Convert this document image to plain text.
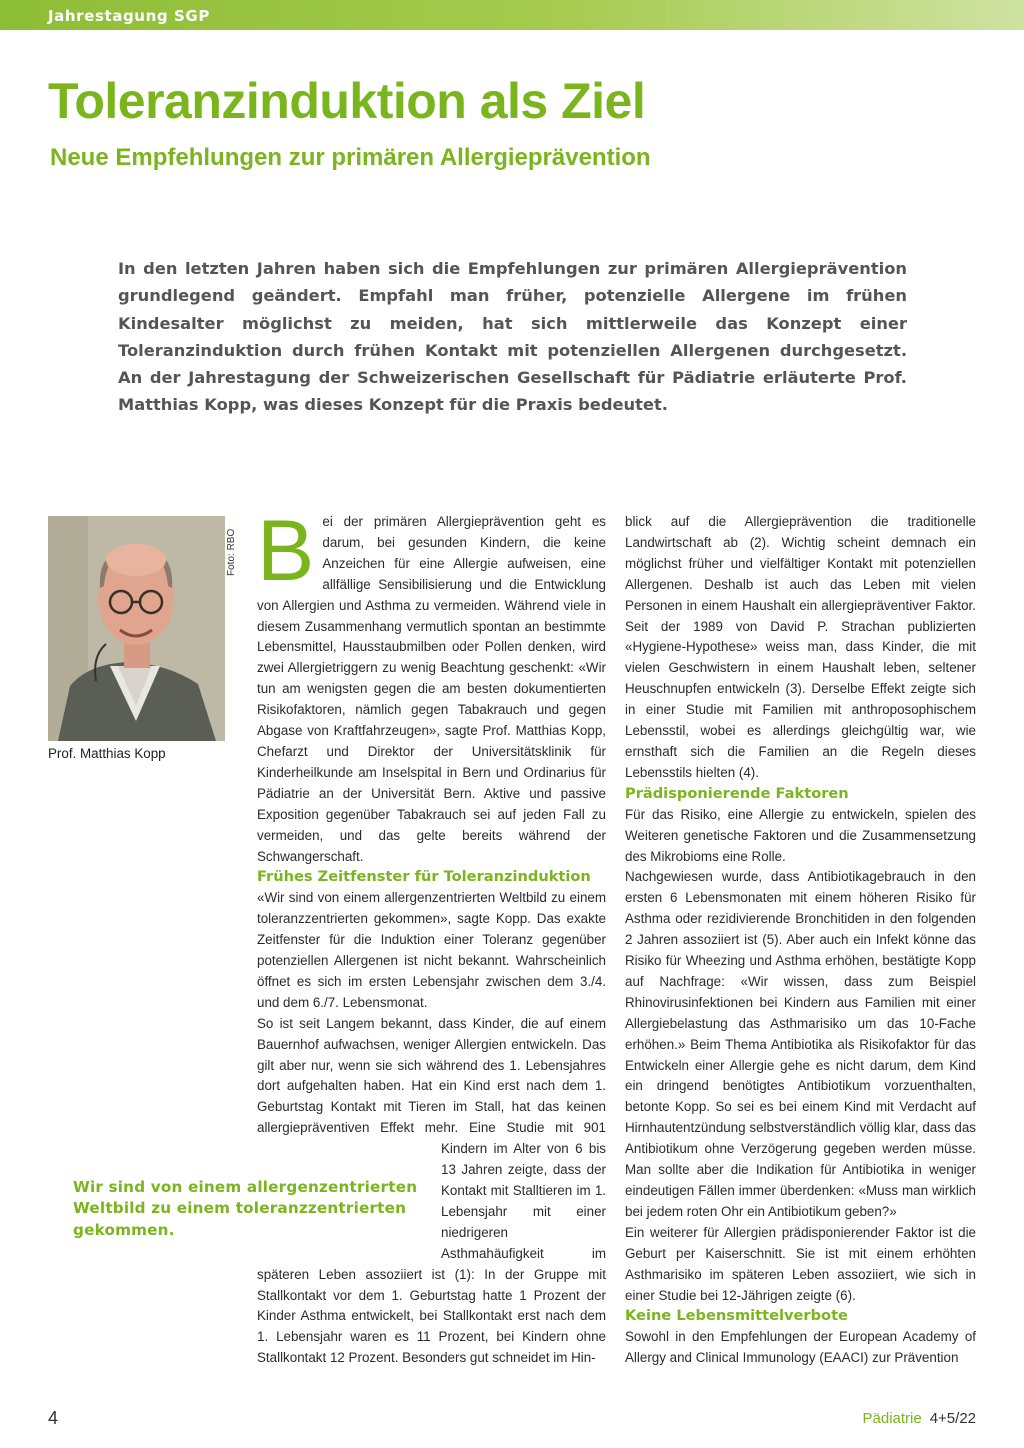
Jahrestagung SGP
Toleranzinduktion als Ziel
Neue Empfehlungen zur primären Allergieprävention

In den letzten Jahren haben sich die Empfehlungen zur primären Allergieprävention grundlegend geändert. Empfahl man früher, potenzielle Allergene im frühen Kindesalter möglichst zu meiden, hat sich mittlerweile das Konzept einer Toleranzinduktion durch frühen Kontakt mit potenziellen Allergenen durchgesetzt. An der Jahrestagung der Schweizerischen Gesellschaft für Pädiatrie erläuterte Prof. Matthias Kopp, was dieses Konzept für die Praxis bedeutet.

Foto: RBO
Prof. Matthias Kopp
B ei der primären Allergieprävention geht es darum, bei gesunden Kindern, die keine Anzeichen für eine Allergie aufweisen, eine allfällige Sensibilisierung und die Entwicklung von Allergien und Asthma zu vermeiden. Während viele in diesem Zusammenhang vermutlich spontan an bestimmte Lebensmittel, Hausstaubmilben oder Pollen denken, wird zwei Allergietriggern zu wenig Beachtung geschenkt: «Wir tun am wenigsten gegen die am besten dokumentierten Risikofaktoren, nämlich gegen Tabakrauch und gegen Abgase von Kraftfahrzeugen», sagte Prof. Matthias Kopp, Chefarzt und Direktor der Universitätsklinik für Kinderheilkunde am Inselspital in Bern und Ordinarius für Pädiatrie an der Universität Bern. Aktive und passive Exposition gegenüber Tabakrauch sei auf jeden Fall zu vermeiden, und das gelte bereits während der Schwangerschaft.

Frühes Zeitfenster für Toleranzinduktion

«Wir sind von einem allergenzentrierten Weltbild zu einem toleranzzentrierten gekommen», sagte Kopp. Das exakte Zeitfenster für die Induktion einer Toleranz gegenüber potenziellen Allergenen ist nicht bekannt. Wahrscheinlich öffnet es sich im ersten Lebensjahr zwischen dem 3./4. und dem 6./7. Lebensmonat.

So ist seit Langem bekannt, dass Kinder, die auf einem Bauernhof aufwachsen, weniger Allergien entwickeln. Das gilt aber nur, wenn sie sich während des 1. Lebensjahres dort aufgehalten haben. Hat ein Kind erst nach dem 1. Geburtstag Kontakt mit Tieren im Stall, hat das keinen allergiepräventiven Effekt mehr. Eine Studie mit
901 Kindern im Alter von 6 bis 13 Jahren zeigte, dass der Kontakt mit Stalltieren im 1. Lebensjahr mit einer niedrigeren Asthmahäufigkeit im späteren Leben assoziiert ist (1): In der Gruppe mit Stallkontakt vor dem 1. Geburtstag hatte 1 Prozent der Kinder Asthma entwickelt, bei Stallkontakt erst nach dem 1. Lebensjahr waren es 11 Prozent, bei Kindern ohne Stallkontakt 12 Prozent. Besonders gut schneidet im Hin-

blick auf die Allergieprävention die traditionelle Landwirtschaft ab (2). Wichtig scheint demnach ein möglichst früher und vielfältiger Kontakt mit potenziellen Allergenen. Deshalb ist auch das Leben mit vielen Personen in einem Haushalt ein allergiepräventiver Faktor. Seit der 1989 von David P. Strachan publizierten «Hygiene-Hypothese» weiss man, dass Kinder, die mit vielen Geschwistern in einem Haushalt leben, seltener Heuschnupfen entwickeln (3). Derselbe Effekt zeigte sich in einer Studie mit Familien mit anthroposophischem Lebensstil, wobei es allerdings gleichgültig war, wie ernsthaft sich die Familien an die Regeln dieses Lebensstils hielten (4).

Prädisponierende Faktoren

Für das Risiko, eine Allergie zu entwickeln, spielen des Weiteren genetische Faktoren und die Zusammensetzung des Mikrobioms eine Rolle.

Nachgewiesen wurde, dass Antibiotikagebrauch in den ersten 6 Lebensmonaten mit einem höheren Risiko für Asthma oder rezidivierende Bronchitiden in den folgenden 2 Jahren assoziiert ist (5). Aber auch ein Infekt könne das Risiko für Wheezing und Asthma erhöhen, bestätigte Kopp auf Nachfrage: «Wir wissen, dass zum Beispiel Rhinovirusinfektionen bei Kindern aus Familien mit einer Allergiebelastung das Asthmarisiko um das 10-Fache erhöhen.» Beim Thema Antibiotika als Risikofaktor für das Entwickeln einer Allergie gehe es nicht darum, dem Kind ein dringend benötigtes Antibiotikum vorzuenthalten, betonte Kopp. So sei es bei einem Kind mit Verdacht auf Hirnhautentzündung selbstverständlich völlig klar, dass das Antibiotikum ohne Verzögerung gegeben werden müsse. Man sollte aber die Indikation für Antibiotika in weniger eindeutigen Fällen immer überdenken: «Muss man wirklich bei jedem roten Ohr ein Antibiotikum geben?»

Ein weiterer für Allergien prädisponierender Faktor ist die Geburt per Kaiserschnitt. Sie ist mit einem erhöhten Asthmarisiko im späteren Leben assoziiert, wie sich in einer Studie bei 12-Jährigen zeigte (6).

Keine Lebensmittelverbote

Sowohl in den Empfehlungen der European Academy of Allergy and Clinical Immunology (EAACI) zur Prävention

Wir sind von einem allergenzentrierten Weltbild zu einem toleranzzentrierten gekommen.

4	Pädiatrie 4+5/22
